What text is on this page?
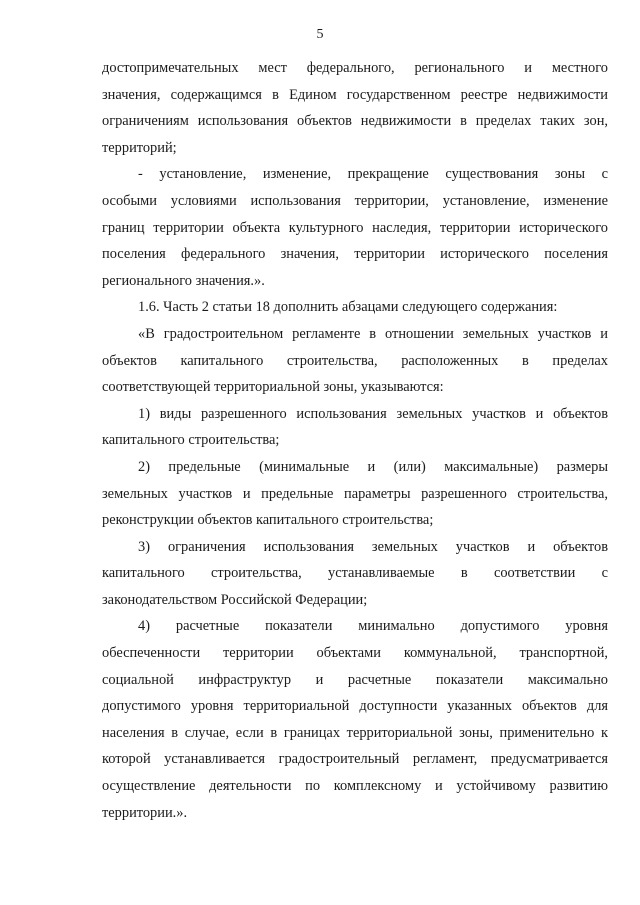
5
достопримечательных мест федерального, регионального и местного
значения, содержащимся в Едином государственном реестре недвижимости
ограничениям использования объектов недвижимости в пределах таких зон,
территорий;
- установление, изменение, прекращение существования зоны с
особыми условиями использования территории, установление, изменение
границ территории объекта культурного наследия, территории исторического
поселения федерального значения, территории исторического поселения
регионального значения.».
1.6. Часть 2 статьи 18 дополнить абзацами следующего содержания:
«В градостроительном регламенте в отношении земельных участков и
объектов капитального строительства, расположенных в пределах
соответствующей территориальной зоны, указываются:
1) виды разрешенного использования земельных участков и объектов
капитального строительства;
2) предельные (минимальные и (или) максимальные) размеры
земельных участков и предельные параметры разрешенного строительства,
реконструкции объектов капитального строительства;
3) ограничения использования земельных участков и объектов
капитального строительства, устанавливаемые в соответствии с
законодательством Российской Федерации;
4) расчетные показатели минимально допустимого уровня
обеспеченности территории объектами коммунальной, транспортной,
социальной инфраструктур и расчетные показатели максимально
допустимого уровня территориальной доступности указанных объектов для
населения в случае, если в границах территориальной зоны, применительно к
которой устанавливается градостроительный регламент, предусматривается
осуществление деятельности по комплексному и устойчивому развитию
территории.».
